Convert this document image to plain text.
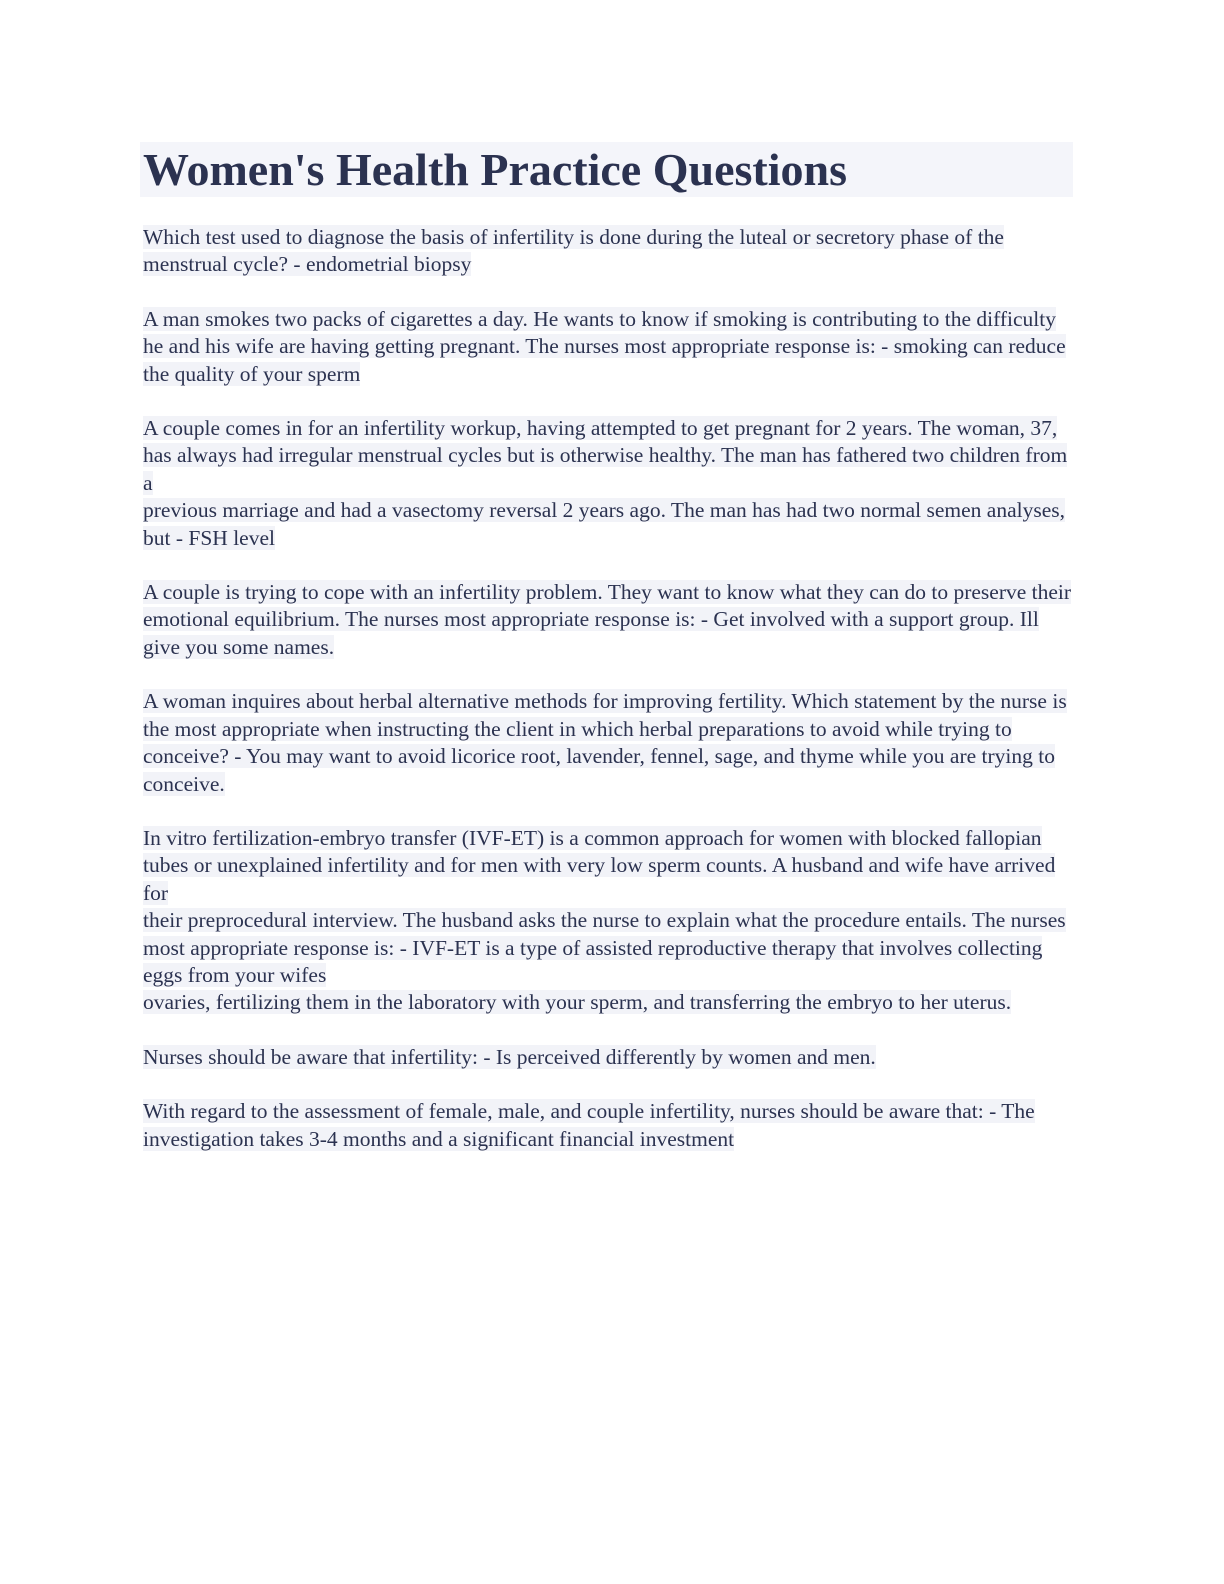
Women's Health Practice Questions
Which test used to diagnose the basis of infertility is done during the luteal or secretory phase of the
menstrual cycle? - endometrial biopsy
A man smokes two packs of cigarettes a day. He wants to know if smoking is contributing to the difficulty
he and his wife are having getting pregnant. The nurses most appropriate response is: - smoking can reduce the quality of your sperm
A couple comes in for an infertility workup, having attempted to get pregnant for 2 years. The woman, 37,
has always had irregular menstrual cycles but is otherwise healthy. The man has fathered two children from a
previous marriage and had a vasectomy reversal 2 years ago. The man has had two normal semen analyses, but - FSH level
A couple is trying to cope with an infertility problem. They want to know what they can do to preserve their
emotional equilibrium. The nurses most appropriate response is: - Get involved with a support group. Ill give you some names.
A woman inquires about herbal alternative methods for improving fertility. Which statement by the nurse is the most appropriate when instructing the client in which herbal preparations to avoid while trying to
conceive? - You may want to avoid licorice root, lavender, fennel, sage, and thyme while you are trying to
conceive.
In vitro fertilization-embryo transfer (IVF-ET) is a common approach for women with blocked fallopian
tubes or unexplained infertility and for men with very low sperm counts. A husband and wife have arrived for
their preprocedural interview. The husband asks the nurse to explain what the procedure entails. The nurses
most appropriate response is: - IVF-ET is a type of assisted reproductive therapy that involves collecting eggs from your wifes
ovaries, fertilizing them in the laboratory with your sperm, and transferring the embryo to her uterus.
Nurses should be aware that infertility: - Is perceived differently by women and men.
With regard to the assessment of female, male, and couple infertility, nurses should be aware that: - The investigation takes 3-4 months and a significant financial investment
